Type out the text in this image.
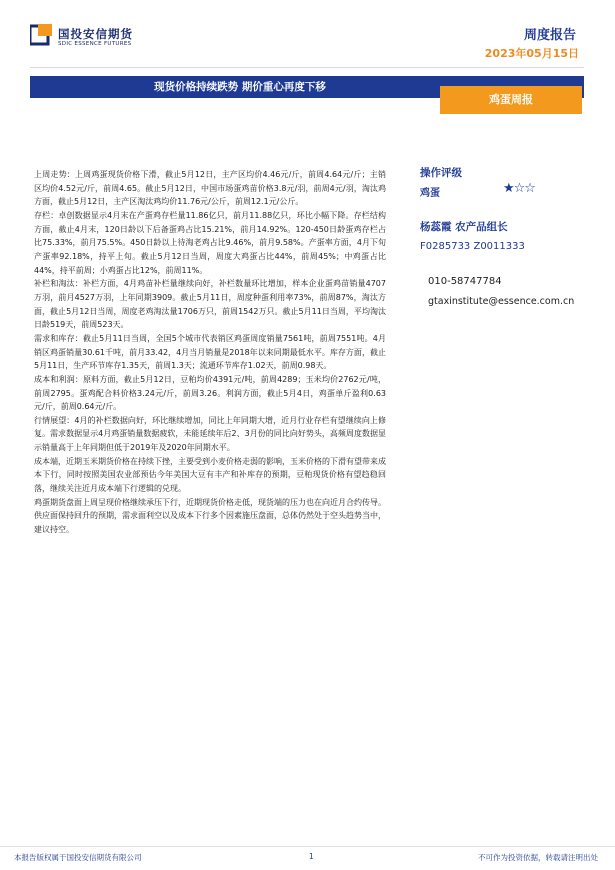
国投安信期货
SDIC ESSENCE FUTURES
周度报告
2023年05月15日
现货价格持续跌势 期价重心再度下移
鸡蛋周报

上周走势：上周鸡蛋现货价格下滑，截止5月12日，主产区均价4.46元/斤，前周4.64元/斤；主销区均价4.52元/斤，前周4.65。截止5月12日，中国市场蛋鸡苗价格3.8元/羽，前周4元/羽，淘汰鸡方面，截止5月12日，主产区淘汰鸡均价11.76元/公斤，前周12.1元/公斤。

存栏：卓创数据显示4月末在产蛋鸡存栏量11.86亿只，前月11.88亿只，环比小幅下降。存栏结构方面，截止4月末，120日龄以下后备蛋鸡占比15.21%，前月14.92%。120-450日龄蛋鸡存栏占比75.33%，前月75.5%。450日龄以上待淘老鸡占比9.46%，前月9.58%。产蛋率方面，4月下旬产蛋率92.18%，持平上旬。截止5月12日当周，周度大鸡蛋占比44%，前周45%；中鸡蛋占比44%，持平前周；小鸡蛋占比12%，前周11%。

补栏和淘汰：补栏方面，4月鸡苗补栏量继续向好，补栏数量环比增加，样本企业蛋鸡苗销量4707万羽，前月4527万羽，上年同期3909。截止5月11日，周度种蛋利用率73%，前周87%，淘汰方面，截止5月12日当周，周度老鸡淘汰量1706万只，前周1542万只。截止5月11日当周，平均淘汰日龄519天，前周523天。

需求和库存：截止5月11日当周，全国5个城市代表销区鸡蛋周度销量7561吨，前周7551吨。4月销区鸡蛋销量30.61千吨，前月33.42，4月当月销量是2018年以来同期最低水平。库存方面，截止5月11日，生产环节库存1.35天，前周1.3天；流通环节库存1.02天，前周0.98天。

成本和利润：原料方面，截止5月12日，豆粕均价4391元/吨，前周4289；玉米均价2762元/吨，前周2795。蛋鸡配合料价格3.24元/斤，前周3.26。利润方面，截止5月4日，鸡蛋单斤盈利0.63元/斤，前周0.64元/斤。

行情展望：4月的补栏数据向好，环比继续增加，同比上年同期大增，近月行业存栏有望继续向上修复。需求数据显示4月鸡蛋销量数据疲软，未能延续年后2、3月份的同比向好势头，高频周度数据显示销量高于上年同期但低于2019年及2020年同期水平。

成本端，近期玉米期货价格在持续下挫，主要受到小麦价格走弱的影响，玉米价格的下滑有望带来成本下行，同时按照美国农业部预估今年美国大豆有丰产和补库存的预期，豆粕现货价格有望趋稳回落，继续关注近月成本端下行逻辑的兑现。

鸡蛋期货盘面上周呈现价格继续承压下行，近期现货价格走低，现货端的压力也在向近月合约传导。供应面保持回升的预期，需求面利空以及成本下行多个因素施压盘面，总体仍然处于空头趋势当中，建议持空。

操作评级
鸡蛋	★☆☆
杨蕊霞 农产品组长
F0285733 Z0011333
010-58747784
gtaxinstitute@essence.com.cn
本报告版权属于国投安信期货有限公司	1	不可作为投资依据，转载请注明出处
